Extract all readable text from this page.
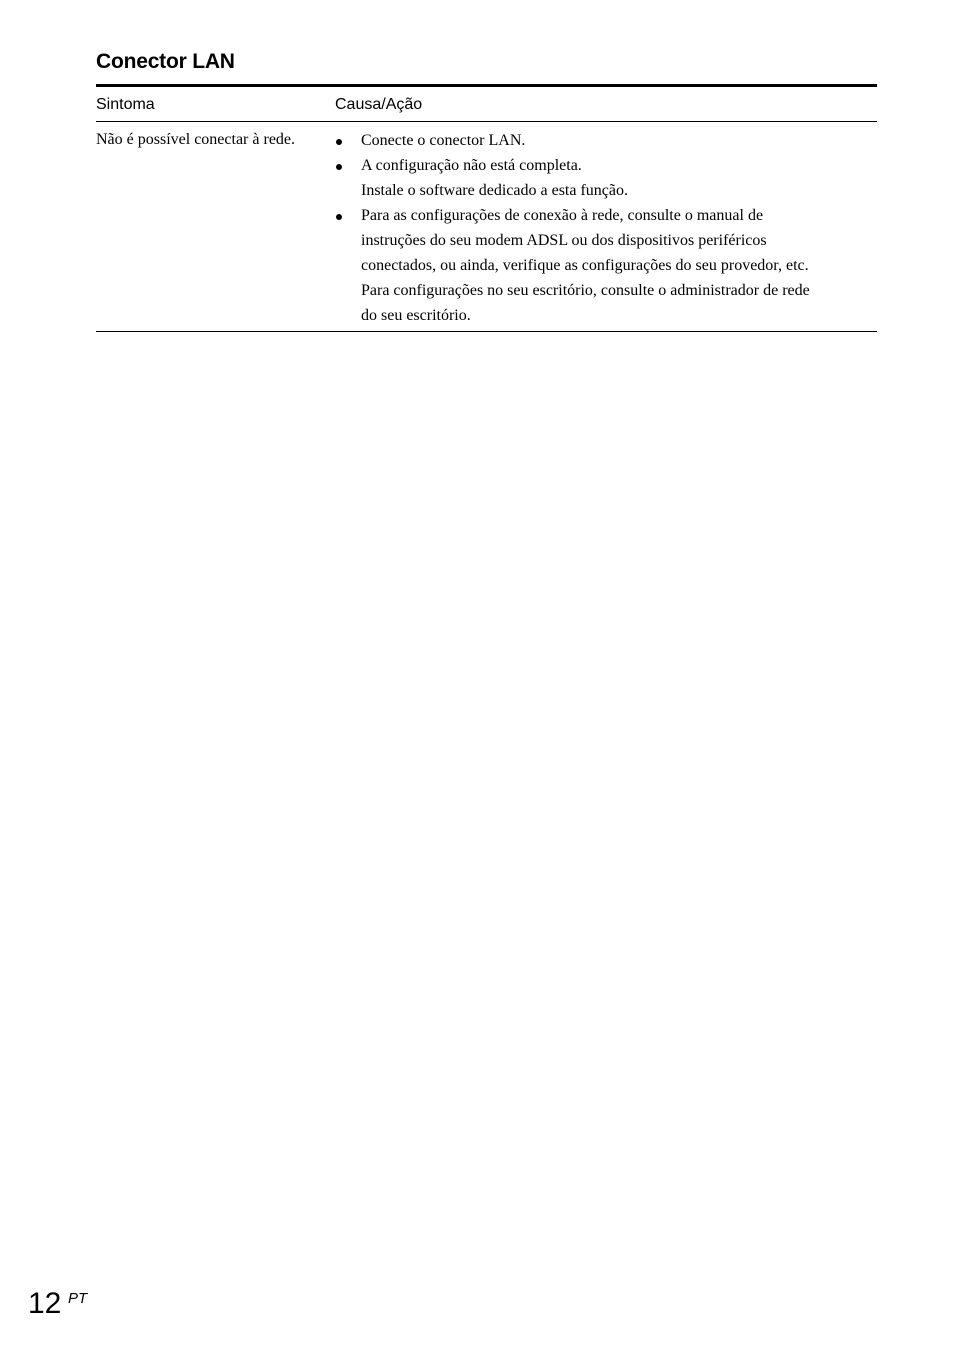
Conector LAN
Sintoma	Causa/Ação
Não é possível conectar à rede.	Conecte o conector LAN.
A configuração não está completa.
Instale o software dedicado a esta função.
Para as configurações de conexão à rede, consulte o manual de
instruções do seu modem ADSL ou dos dispositivos periféricos
conectados, ou ainda, verifique as configurações do seu provedor, etc.
Para configurações no seu escritório, consulte o administrador de rede
do seu escritório.
12 PT
